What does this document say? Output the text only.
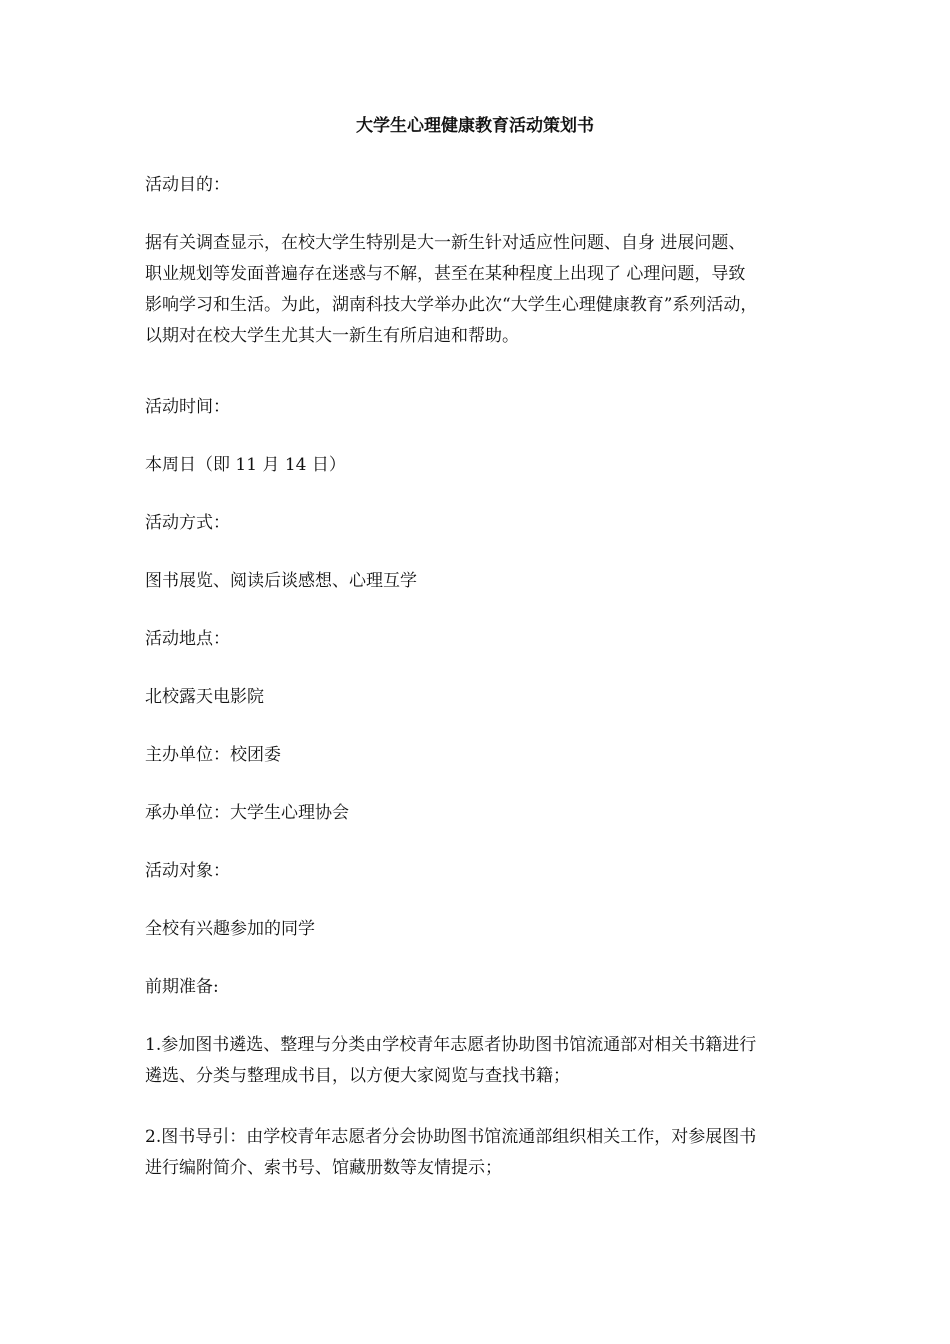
大学生心理健康教育活动策划书
活动目的：
据有关调查显示，在校大学生特别是大一新生针对适应性问题、自身 进展问题、
职业规划等发面普遍存在迷惑与不解，甚至在某种程度上出现了 心理问题，导致
影响学习和生活。为此，湖南科技大学举办此次“大学生心理健康教育”系列活动，
以期对在校大学生尤其大一新生有所启迪和帮助。
活动时间：
本周日（即 11 月 14 日）
活动方式：
图书展览、阅读后谈感想、心理互学
活动地点：
北校露天电影院
主办单位：校团委
承办单位：大学生心理协会
活动对象：
全校有兴趣参加的同学
前期准备:
1.参加图书遴选、整理与分类由学校青年志愿者协助图书馆流通部对相关书籍进行
遴选、分类与整理成书目，以方便大家阅览与查找书籍；
2.图书导引：由学校青年志愿者分会协助图书馆流通部组织相关工作，对参展图书
进行编附简介、索书号、馆藏册数等友情提示；
